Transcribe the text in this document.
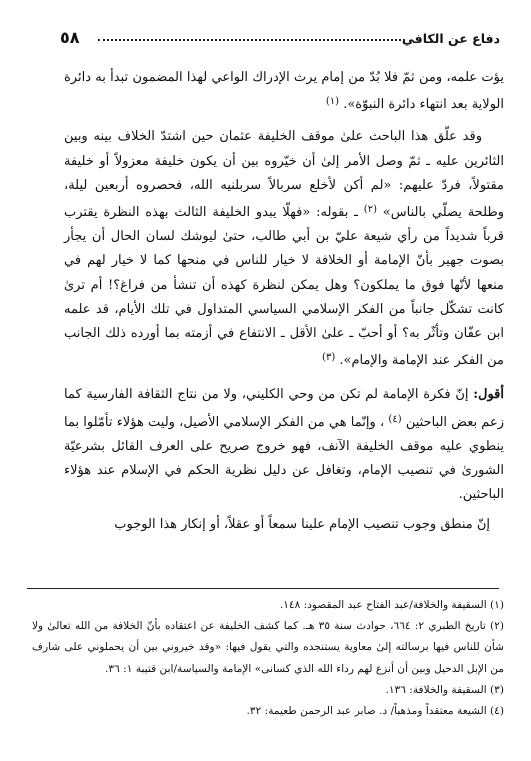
دفاع عن الكافي
٥٨

يؤت علمه، ومن ثمّ فلا بُدّ من إمام يرث الإدراك الواعي لهذا المضمون تبدأ به دائرة الولاية بعد انتهاء دائرة النبوّة». $^{(١)}$

وقد علّق هذا الباحث علىٰ موقف الخليفة عثمان حين اشتدّ الخلاف بينه وبين الثائرين عليه ـ ثمّ وصل الأمر إلىٰ أن خيّروه بين أن يكون خليفة معزولاً أو خليفة مقتولاً، فردّ عليهم: «لم أكن لأخلع سربالاً سربلنيه الله، فحصروه أربعين ليلة، وطلحة يصلّي بالناس» $^{(٢)}$ ـ بقوله: «فهلّا يبدو الخليفة الثالث بهذه النظرة يقترب قرباً شديداً من رأي شيعة عليّ بن أبي طالب، حتىٰ ليوشك لسان الحال أن يجأر بصوت جهير بأنّ الإمامة أو الخلافة لا خيار للناس في منحها كما لا خيار لهم في منعها لأنّها فوق ما يملكون؟ وهل يمكن لنظرة كهذه أن تنشأ من فراغ؟! أم ترىٰ كانت تشكّل جانباً من الفكر الإسلامي السياسي المتداول في تلك الأيام، قد علمه ابن عفّان وتأثّر به؟ أو أحبّ ـ علىٰ الأقل ـ الانتفاع في أزمته بما أورده ذلك الجانب من الفكر عند الإمامة والإمام». $^{(٣)}$

أقول: إنّ فكرة الإمامة لم تكن من وحي الكليني، ولا من نتاج الثقافة الفارسية كما زعم بعض الباحثين $^{(٤)}$ ، وإنّما هي من الفكر الإسلامي الأصيل، وليت هؤلاء تأمّلوا بما ينطوي عليه موقف الخليفة الآنف، فهو خروج صريح على العرف القائل بشرعيّة الشورىٰ في تنصيب الإمام، وتغافل عن دليل نظرية الحكم في الإسلام عند هؤلاء الباحثين.

إنّ منطق وجوب تنصيب الإمام علينا سمعاً أو عقلاً، أو إنكار هذا الوجوب

(١) السقيفة والخلافة/عبد الفتاح عبد المقصود: ١٤٨.

(٢) تاريخ الطبري ٢: ٦٦٤، حوادث سنة ٣٥ هـ. كما كشف الخليفة عن اعتقاده بأنّ الخلافة من الله تعالىٰ ولا شأن للناس فيها برسالته إلىٰ معاوية يستنجده والتي يقول فيها: «وقد خيروني بين أن يحملوني على شارف من الإبل الدحيل وبين أن أنزع لهم رداء الله الذي كسانى» الإمامة والسياسة/ابن قتيبة ١: ٣٦.

(٣) السقيفة والخلافة: ١٣٦.

(٤) الشيعة معتقداً ومذهباً/ د. صابر عبد الرحمن طعيمة: ٣٢.
